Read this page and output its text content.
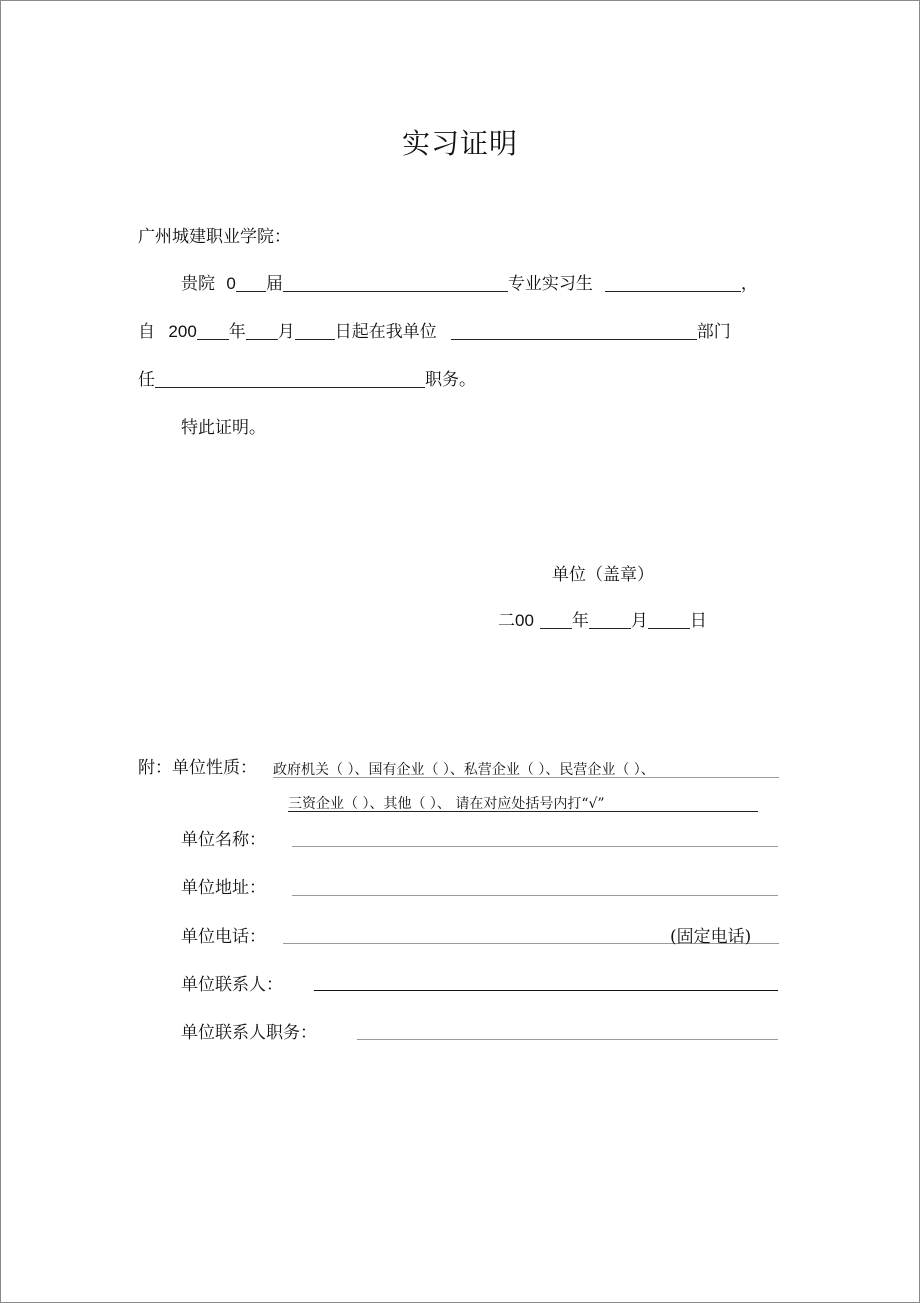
实习证明
广州城建职业学院：
贵院 0 届	专业实习生	，
自 200 年 月 日起在我单位	部门
任	职务。
特此证明。
单位（盖章）
二00 年 月 日
附：单位性质： 政府机关（ ）、国有企业（ ）、私营企业（ ）、民营企业（ ）、
三资企业（ ）、其他（ ）、 请在对应处括号内打“√”
单位名称：
单位地址：
单位电话：	(固定电话)
单位联系人：
单位联系人职务：
